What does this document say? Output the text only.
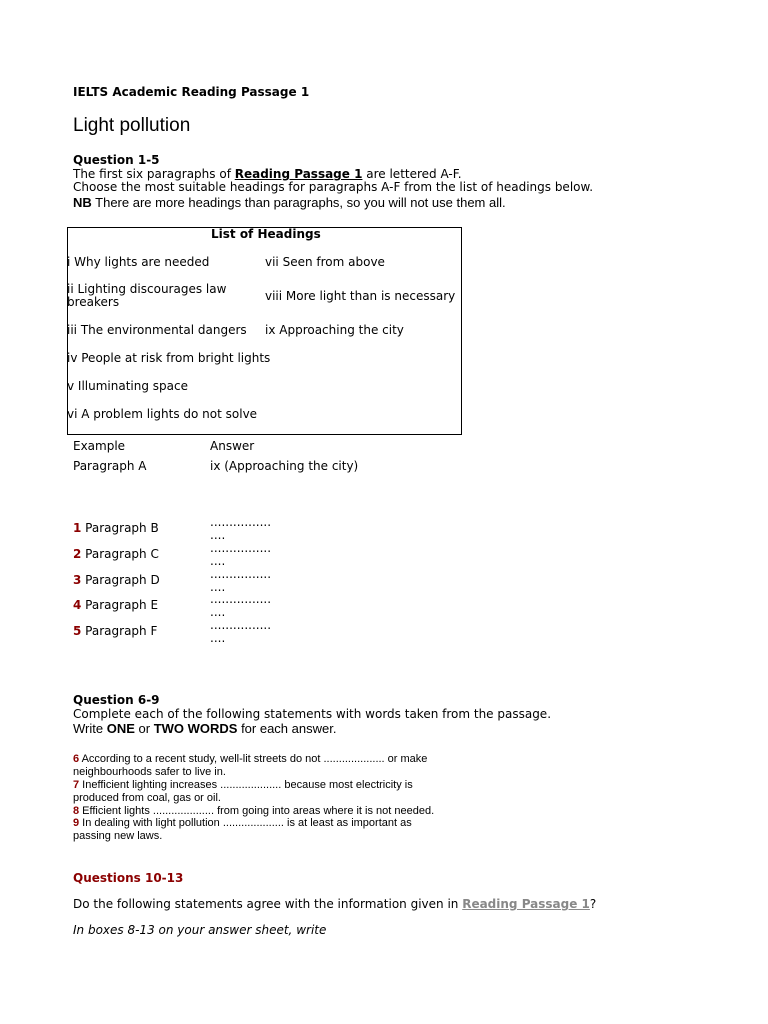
IELTS Academic Reading Passage 1
Light pollution
Question 1-5
The first six paragraphs of Reading Passage 1 are lettered A-F.
Choose the most suitable headings for paragraphs A-F from the list of headings below.
NB There are more headings than paragraphs, so you will not use them all.
List of Headings
i Why lights are needed
ii Lighting discourages law breakers
iii The environmental dangers
iv People at risk from bright lights
v Illuminating space
vi A problem lights do not solve
vii Seen from above
viii More light than is necessary
ix Approaching the city
Example	Answer
Paragraph A	ix (Approaching the city)
1 Paragraph B	................ ....
2 Paragraph C	................ ....
3 Paragraph D	................ ....
4 Paragraph E	................ ....
5 Paragraph F	................ ....
Question 6-9
Complete each of the following statements with words taken from the passage.
Write ONE or TWO WORDS for each answer.
6 According to a recent study, well-lit streets do not .................... or make
neighbourhoods safer to live in.
7 Inefficient lighting increases .................... because most electricity is
produced from coal, gas or oil.
8 Efficient lights .................... from going into areas where it is not needed.
9 In dealing with light pollution .................... is at least as important as
passing new laws.
Questions 10-13
Do the following statements agree with the information given in Reading Passage 1?
In boxes 8-13 on your answer sheet, write
